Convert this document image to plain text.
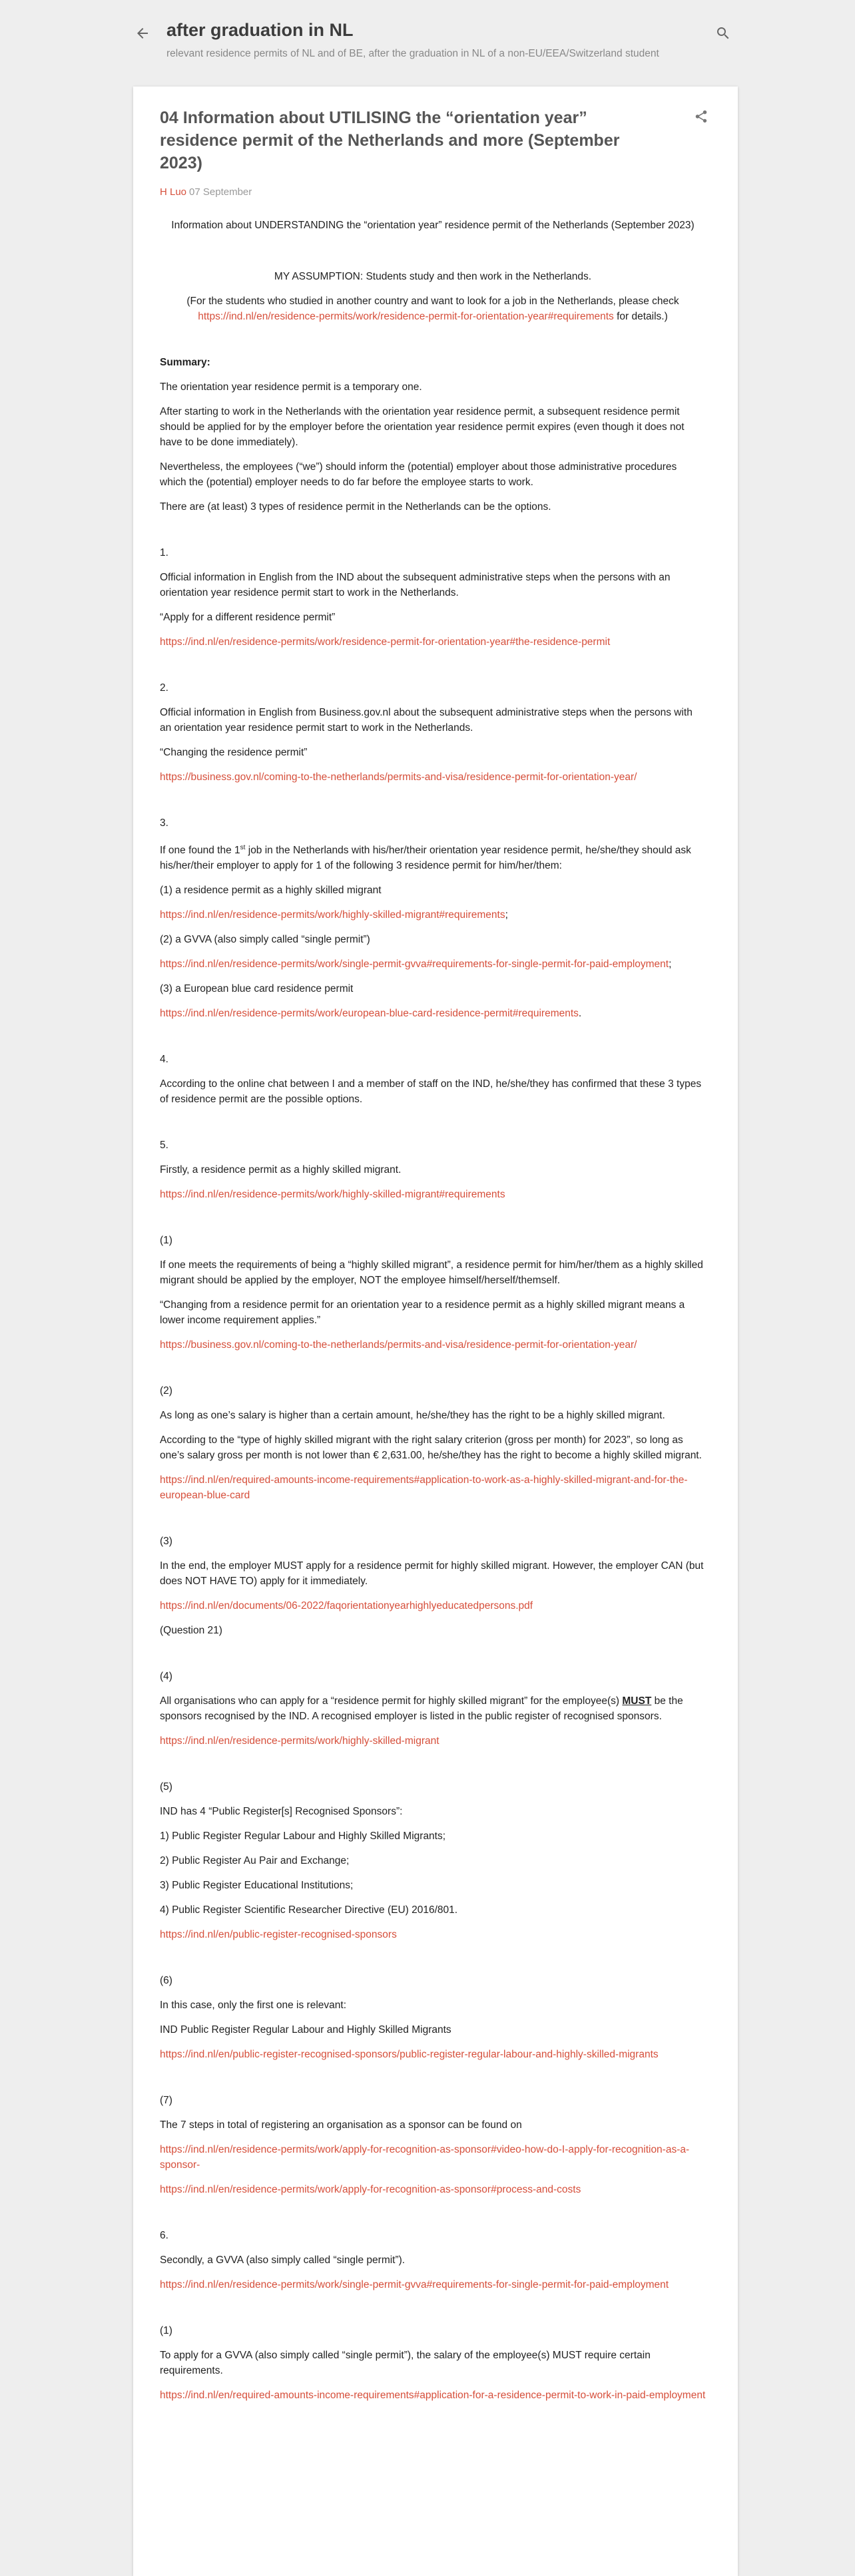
after graduation in NL

relevant residence permits of NL and of BE, after the graduation in NL of a non-EU/EEA/Switzerland student

04 Information about UTILISING the “orientation year” residence permit of the Netherlands and more (September 2023)
H Luo 07 September

Information about UNDERSTANDING the “orientation year” residence permit of the Netherlands (September 2023)

MY ASSUMPTION: Students study and then work in the Netherlands.

(For the students who studied in another country and want to look for a job in the Netherlands, please check https://ind.nl/en/residence-permits/work/residence-permit-for-orientation-year#requirements for details.)

Summary:

The orientation year residence permit is a temporary one.

After starting to work in the Netherlands with the orientation year residence permit, a subsequent residence permit should be applied for by the employer before the orientation year residence permit expires (even though it does not have to be done immediately).

Nevertheless, the employees (“we”) should inform the (potential) employer about those administrative procedures which the (potential) employer needs to do far before the employee starts to work.

There are (at least) 3 types of residence permit in the Netherlands can be the options.

1.

Official information in English from the IND about the subsequent administrative steps when the persons with an orientation year residence permit start to work in the Netherlands.

“Apply for a different residence permit”

https://ind.nl/en/residence-permits/work/residence-permit-for-orientation-year#the-residence-permit

2.

Official information in English from Business.gov.nl about the subsequent administrative steps when the persons with an orientation year residence permit start to work in the Netherlands.

“Changing the residence permit”

https://business.gov.nl/coming-to-the-netherlands/permits-and-visa/residence-permit-for-orientation-year/

3.

If one found the 1st job in the Netherlands with his/her/their orientation year residence permit, he/she/they should ask his/her/their employer to apply for 1 of the following 3 residence permit for him/her/them:

(1) a residence permit as a highly skilled migrant

https://ind.nl/en/residence-permits/work/highly-skilled-migrant#requirements;

(2) a GVVA (also simply called “single permit”)

https://ind.nl/en/residence-permits/work/single-permit-gvva#requirements-for-single-permit-for-paid-employment;

(3) a European blue card residence permit

https://ind.nl/en/residence-permits/work/european-blue-card-residence-permit#requirements.

4.

According to the online chat between I and a member of staff on the IND, he/she/they has confirmed that these 3 types of residence permit are the possible options.

5.

Firstly, a residence permit as a highly skilled migrant.

https://ind.nl/en/residence-permits/work/highly-skilled-migrant#requirements

(1)

If one meets the requirements of being a “highly skilled migrant”, a residence permit for him/her/them as a highly skilled migrant should be applied by the employer, NOT the employee himself/herself/themself.

“Changing from a residence permit for an orientation year to a residence permit as a highly skilled migrant means a lower income requirement applies.”

https://business.gov.nl/coming-to-the-netherlands/permits-and-visa/residence-permit-for-orientation-year/

(2)

As long as one’s salary is higher than a certain amount, he/she/they has the right to be a highly skilled migrant.

According to the “type of highly skilled migrant with the right salary criterion (gross per month) for 2023”, so long as one’s salary gross per month is not lower than € 2,631.00, he/she/they has the right to become a highly skilled migrant.

https://ind.nl/en/required-amounts-income-requirements#application-to-work-as-a-highly-skilled-migrant-and-for-the-european-blue-card

(3)

In the end, the employer MUST apply for a residence permit for highly skilled migrant. However, the employer CAN (but does NOT HAVE TO) apply for it immediately.

https://ind.nl/en/documents/06-2022/faqorientationyearhighlyeducatedpersons.pdf

(Question 21)

(4)

All organisations who can apply for a “residence permit for highly skilled migrant” for the employee(s) MUST be the sponsors recognised by the IND. A recognised employer is listed in the public register of recognised sponsors.

https://ind.nl/en/residence-permits/work/highly-skilled-migrant

(5)

IND has 4 “Public Register[s] Recognised Sponsors”:

1) Public Register Regular Labour and Highly Skilled Migrants;

2) Public Register Au Pair and Exchange;

3) Public Register Educational Institutions;

4) Public Register Scientific Researcher Directive (EU) 2016/801.

https://ind.nl/en/public-register-recognised-sponsors

(6)

In this case, only the first one is relevant:

IND Public Register Regular Labour and Highly Skilled Migrants

https://ind.nl/en/public-register-recognised-sponsors/public-register-regular-labour-and-highly-skilled-migrants

(7)

The 7 steps in total of registering an organisation as a sponsor can be found on

https://ind.nl/en/residence-permits/work/apply-for-recognition-as-sponsor#video-how-do-I-apply-for-recognition-as-a-sponsor-

https://ind.nl/en/residence-permits/work/apply-for-recognition-as-sponsor#process-and-costs

6.

Secondly, a GVVA (also simply called “single permit”).

https://ind.nl/en/residence-permits/work/single-permit-gvva#requirements-for-single-permit-for-paid-employment

(1)

To apply for a GVVA (also simply called “single permit”), the salary of the employee(s) MUST require certain requirements.

https://ind.nl/en/required-amounts-income-requirements#application-for-a-residence-permit-to-work-in-paid-employment
